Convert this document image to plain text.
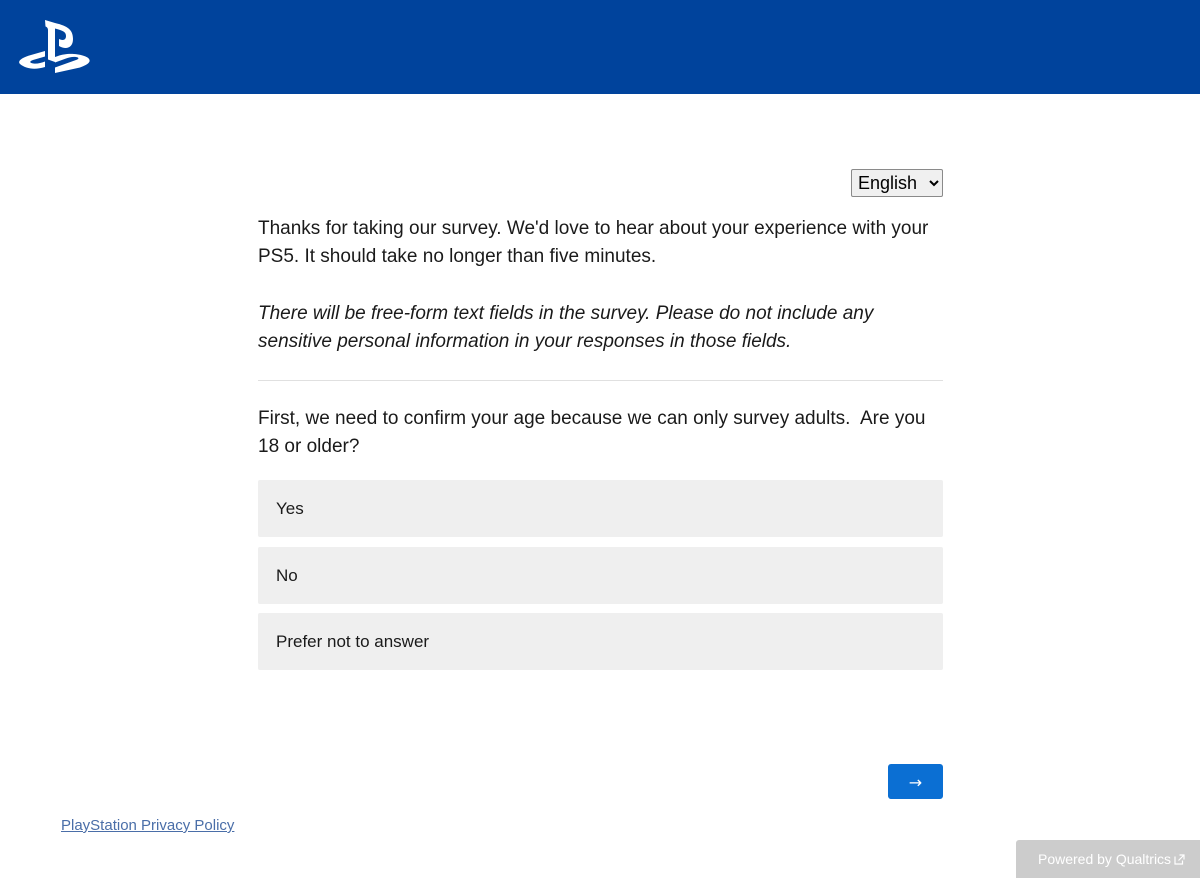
English

Thanks for taking our survey. We'd love to hear about your experience with your PS5. It should take no longer than five minutes.

There will be free-form text fields in the survey. Please do not include any sensitive personal information in your responses in those fields.

First, we need to confirm your age because we can only survey adults.  Are you 18 or older?

Yes
No
Prefer not to answer
→
PlayStation Privacy Policy
Powered by Qualtrics
